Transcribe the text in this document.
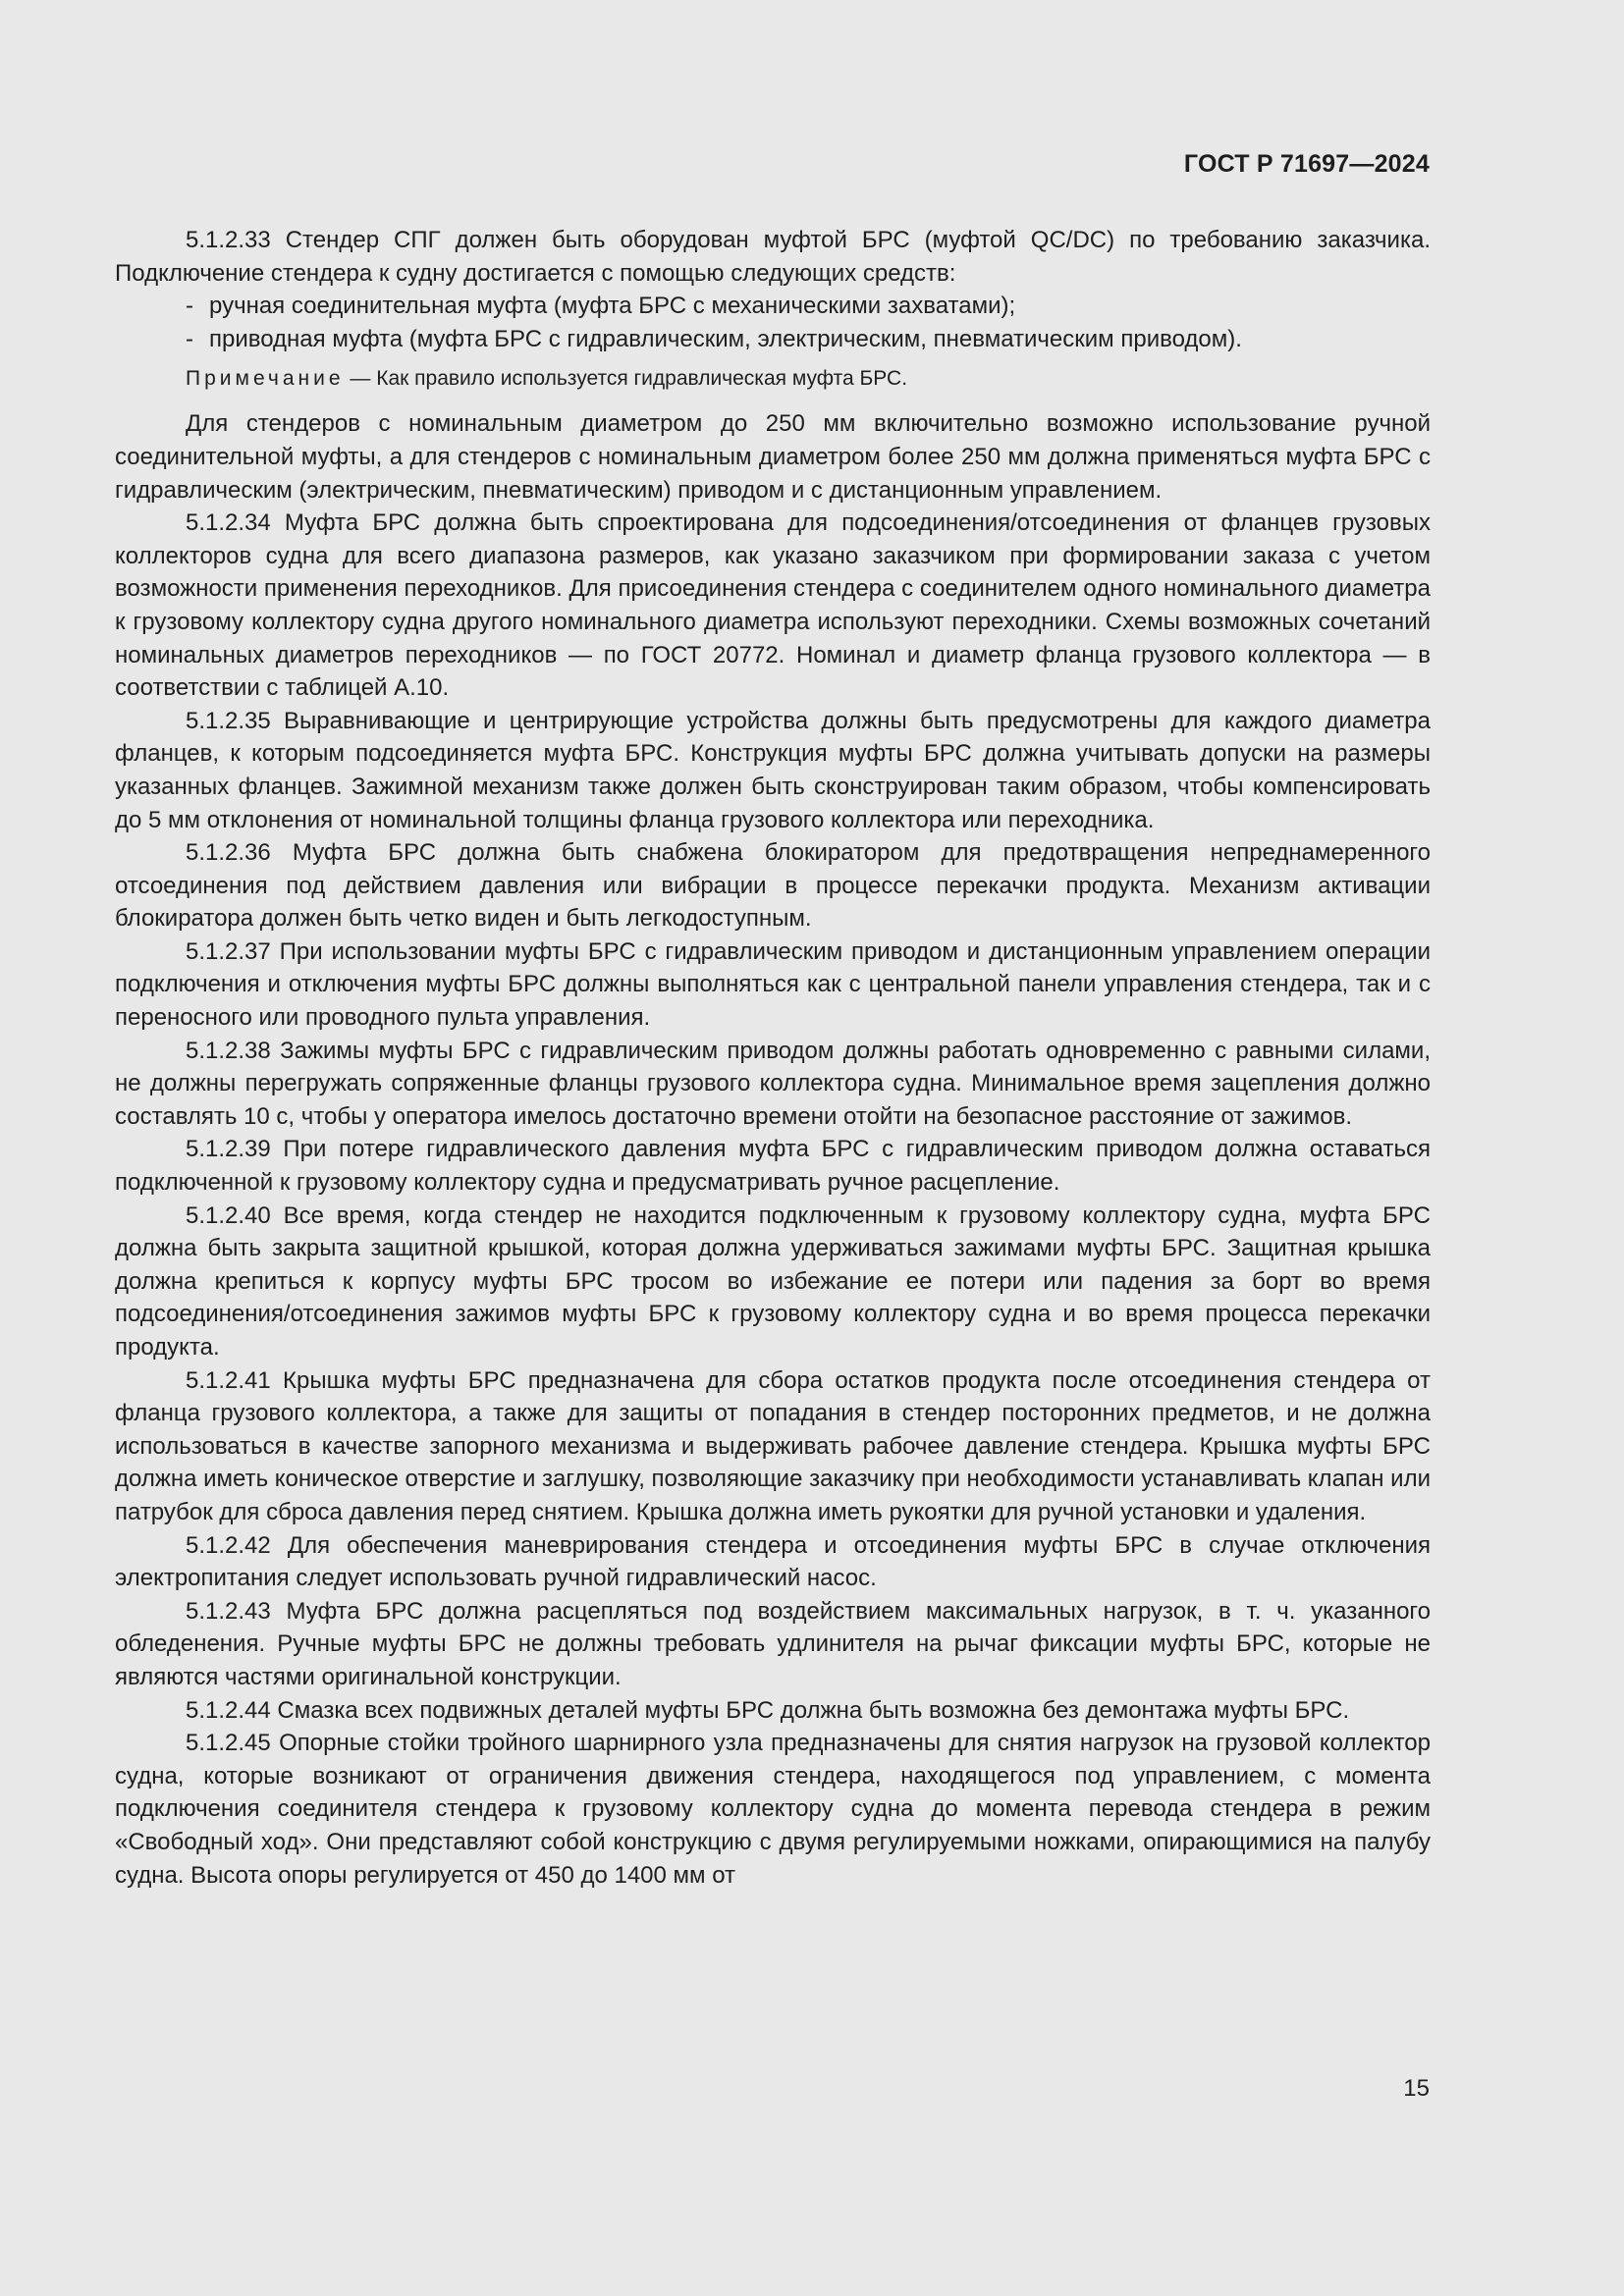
ГОСТ Р 71697—2024

5.1.2.33 Стендер СПГ должен быть оборудован муфтой БРС (муфтой QC/DC) по требованию заказчика. Подключение стендера к судну достигается с помощью следующих средств:

- ручная соединительная муфта (муфта БРС с механическими захватами);

- приводная муфта (муфта БРС с гидравлическим, электрическим, пневматическим приводом).

Примечание — Как правило используется гидравлическая муфта БРС.

Для стендеров с номинальным диаметром до 250 мм включительно возможно использование ручной соединительной муфты, а для стендеров с номинальным диаметром более 250 мм должна применяться муфта БРС с гидравлическим (электрическим, пневматическим) приводом и с дистанционным управлением.

5.1.2.34 Муфта БРС должна быть спроектирована для подсоединения/отсоединения от фланцев грузовых коллекторов судна для всего диапазона размеров, как указано заказчиком при формировании заказа с учетом возможности применения переходников. Для присоединения стендера с соединителем одного номинального диаметра к грузовому коллектору судна другого номинального диаметра используют переходники. Схемы возможных сочетаний номинальных диаметров переходников — по ГОСТ 20772. Номинал и диаметр фланца грузового коллектора — в соответствии с таблицей А.10.

5.1.2.35 Выравнивающие и центрирующие устройства должны быть предусмотрены для каждого диаметра фланцев, к которым подсоединяется муфта БРС. Конструкция муфты БРС должна учитывать допуски на размеры указанных фланцев. Зажимной механизм также должен быть сконструирован таким образом, чтобы компенсировать до 5 мм отклонения от номинальной толщины фланца грузового коллектора или переходника.

5.1.2.36 Муфта БРС должна быть снабжена блокиратором для предотвращения непреднамеренного отсоединения под действием давления или вибрации в процессе перекачки продукта. Механизм активации блокиратора должен быть четко виден и быть легкодоступным.

5.1.2.37 При использовании муфты БРС с гидравлическим приводом и дистанционным управлением операции подключения и отключения муфты БРС должны выполняться как с центральной панели управления стендера, так и с переносного или проводного пульта управления.

5.1.2.38 Зажимы муфты БРС с гидравлическим приводом должны работать одновременно с равными силами, не должны перегружать сопряженные фланцы грузового коллектора судна. Минимальное время зацепления должно составлять 10 с, чтобы у оператора имелось достаточно времени отойти на безопасное расстояние от зажимов.

5.1.2.39 При потере гидравлического давления муфта БРС с гидравлическим приводом должна оставаться подключенной к грузовому коллектору судна и предусматривать ручное расцепление.

5.1.2.40 Все время, когда стендер не находится подключенным к грузовому коллектору судна, муфта БРС должна быть закрыта защитной крышкой, которая должна удерживаться зажимами муфты БРС. Защитная крышка должна крепиться к корпусу муфты БРС тросом во избежание ее потери или падения за борт во время подсоединения/отсоединения зажимов муфты БРС к грузовому коллектору судна и во время процесса перекачки продукта.

5.1.2.41 Крышка муфты БРС предназначена для сбора остатков продукта после отсоединения стендера от фланца грузового коллектора, а также для защиты от попадания в стендер посторонних предметов, и не должна использоваться в качестве запорного механизма и выдерживать рабочее давление стендера. Крышка муфты БРС должна иметь коническое отверстие и заглушку, позволяющие заказчику при необходимости устанавливать клапан или патрубок для сброса давления перед снятием. Крышка должна иметь рукоятки для ручной установки и удаления.

5.1.2.42 Для обеспечения маневрирования стендера и отсоединения муфты БРС в случае отключения электропитания следует использовать ручной гидравлический насос.

5.1.2.43 Муфта БРС должна расцепляться под воздействием максимальных нагрузок, в т. ч. указанного обледенения. Ручные муфты БРС не должны требовать удлинителя на рычаг фиксации муфты БРС, которые не являются частями оригинальной конструкции.

5.1.2.44 Смазка всех подвижных деталей муфты БРС должна быть возможна без демонтажа муфты БРС.

5.1.2.45 Опорные стойки тройного шарнирного узла предназначены для снятия нагрузок на грузовой коллектор судна, которые возникают от ограничения движения стендера, находящегося под управлением, с момента подключения соединителя стендера к грузовому коллектору судна до момента перевода стендера в режим «Свободный ход». Они представляют собой конструкцию с двумя регулируемыми ножками, опирающимися на палубу судна. Высота опоры регулируется от 450 до 1400 мм от

15
